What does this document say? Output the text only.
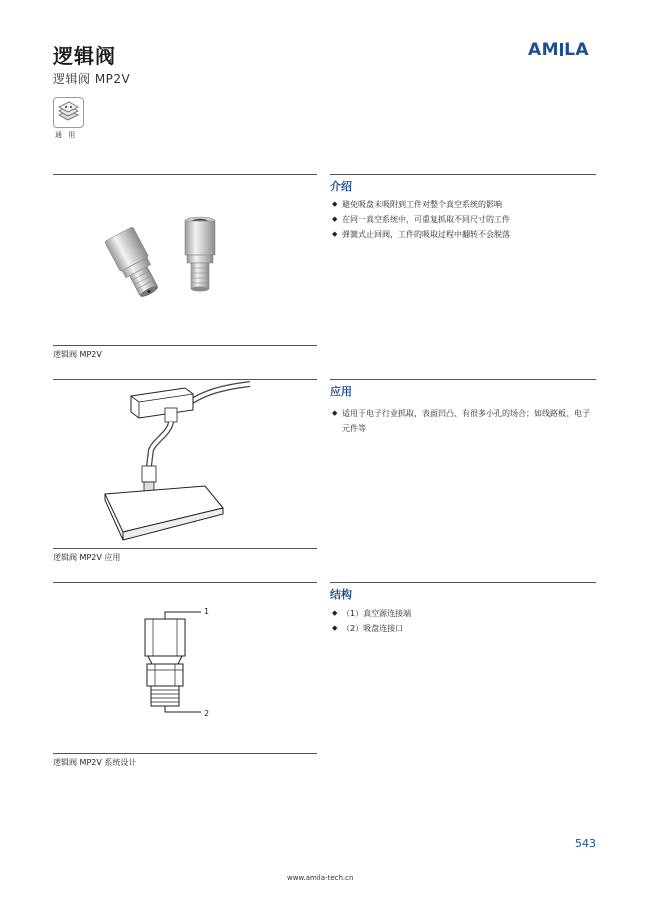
逻辑阀
逻辑阀 MP2V
AM LA
通 用
介绍
◆ 避免吸盘未吸附到工件对整个真空系统的影响
◆ 在同一真空系统中，可重复抓取不同尺寸的工件
◆ 弹簧式止回阀，工件的吸取过程中翻转不会脱落
逻辑阀 MP2V
应用
◆ 适用于电子行业抓取，表面凹凸、有很多小孔的场合；如线路板、电子元件等
逻辑阀 MP2V 应用
结构
◆ （1）真空源连接端
◆ （2）吸盘连接口
1
2
逻辑阀 MP2V 系统设计
543
www.amila-tech.cn
